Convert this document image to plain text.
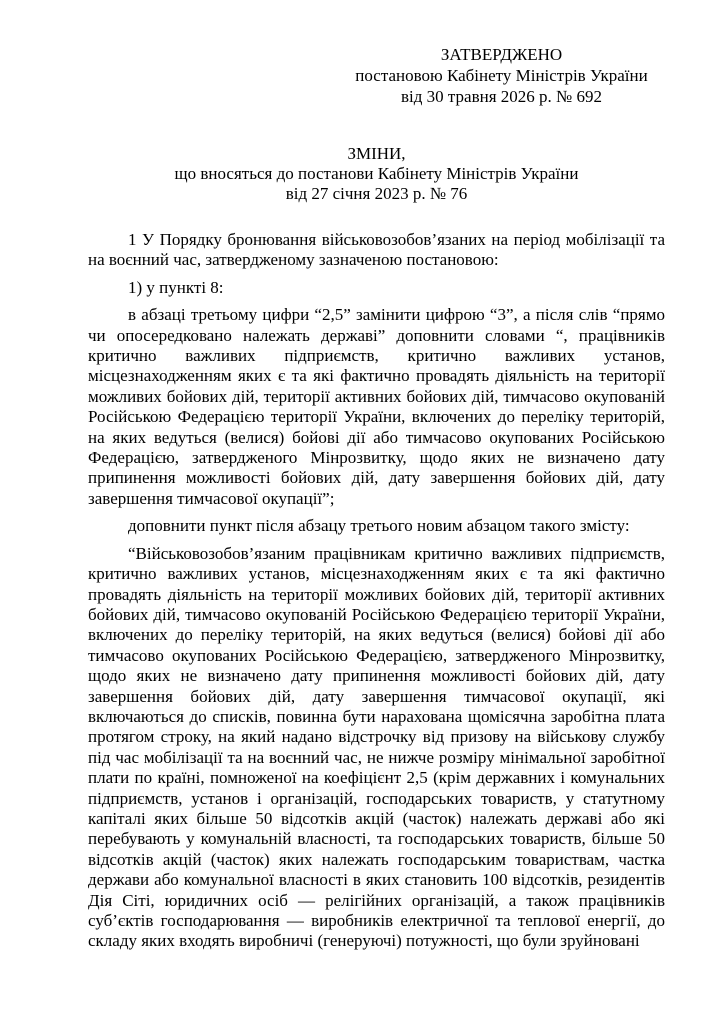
ЗАТВЕРДЖЕНО
постановою Кабінету Міністрів України
від 30 травня 2026 р. № 692
ЗМІНИ,
що вносяться до постанови Кабінету Міністрів України
від 27 січня 2023 р. № 76

1 У Порядку бронювання військовозобов’язаних на період мобілізації та на воєнний час, затвердженому зазначеною постановою:

1) у пункті 8:

в абзаці третьому цифри “2,5” замінити цифрою “3”, а після слів “прямо чи опосередковано належать державі” доповнити словами “, працівників критично важливих підприємств, критично важливих установ, місцезнаходженням яких є та які фактично провадять діяльність на території можливих бойових дій, території активних бойових дій, тимчасово окупованій Російською Федерацією території України, включених до переліку територій, на яких ведуться (велися) бойові дії або тимчасово окупованих Російською Федерацією, затвердженого Мінрозвитку, щодо яких не визначено дату припинення можливості бойових дій, дату завершення бойових дій, дату завершення тимчасової окупації”;

доповнити пункт після абзацу третього новим абзацом такого змісту:

“Військовозобов’язаним працівникам критично важливих підприємств, критично важливих установ, місцезнаходженням яких є та які фактично провадять діяльність на території можливих бойових дій, території активних бойових дій, тимчасово окупованій Російською Федерацією території України, включених до переліку територій, на яких ведуться (велися) бойові дії або тимчасово окупованих Російською Федерацією, затвердженого Мінрозвитку, щодо яких не визначено дату припинення можливості бойових дій, дату завершення бойових дій, дату завершення тимчасової окупації, які включаються до списків, повинна бути нарахована щомісячна заробітна плата протягом строку, на який надано відстрочку від призову на військову службу під час мобілізації та на воєнний час, не нижче розміру мінімальної заробітної плати по країні, помноженої на коефіцієнт 2,5 (крім державних і комунальних підприємств, установ і організацій, господарських товариств, у статутному капіталі яких більше 50 відсотків акцій (часток) належать державі або які перебувають у комунальній власності, та господарських товариств, більше 50 відсотків акцій (часток) яких належать господарським товариствам, частка держави або комунальної власності в яких становить 100 відсотків, резидентів Дія Сіті, юридичних осіб — релігійних організацій, а також працівників суб’єктів господарювання — виробників електричної та теплової енергії, до складу яких входять виробничі (генеруючі) потужності, що були зруйновані
